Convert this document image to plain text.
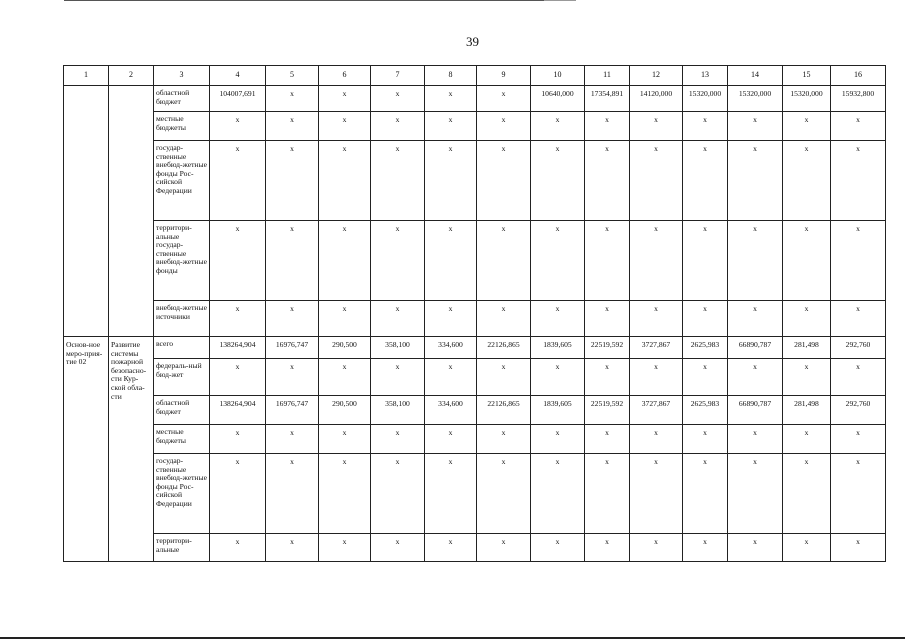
39
1	2	3	4	5	6	7	8	9	10	11	12	13	14	15	16
		областной бюджет	104007,691	x	x	x	x	x	10640,000	17354,891	14120,000	15320,000	15320,000	15320,000	15932,800
		местные бюджеты	x	x	x	x	x	x	x	x	x	x	x	x	x
		государ-ственные внебюд-жетные фонды Рос-сийской Федерации	x	x	x	x	x	x	x	x	x	x	x	x	x
		территори-альные государ-ственные внебюд-жетные фонды	x	x	x	x	x	x	x	x	x	x	x	x	x
		внебюд-жетные источники	x	x	x	x	x	x	x	x	x	x	x	x	x
Основ-ное меро-прия-тие 02	Развитие системы пожарной безопасно-сти Кур-ской обла-сти	всего	138264,904	16976,747	290,500	358,100	334,600	22126,865	1839,605	22519,592	3727,867	2625,983	66890,787	281,498	292,760
		федераль-ный бюд-жет	x	x	x	x	x	x	x	x	x	x	x	x	x
		областной бюджет	138264,904	16976,747	290,500	358,100	334,600	22126,865	1839,605	22519,592	3727,867	2625,983	66890,787	281,498	292,760
		местные бюджеты	x	x	x	x	x	x	x	x	x	x	x	x	x
		государ-ственные внебюд-жетные фонды Рос-сийской Федерации	x	x	x	x	x	x	x	x	x	x	x	x	x
		территори-альные	x	x	x	x	x	x	x	x	x	x	x	x	x
